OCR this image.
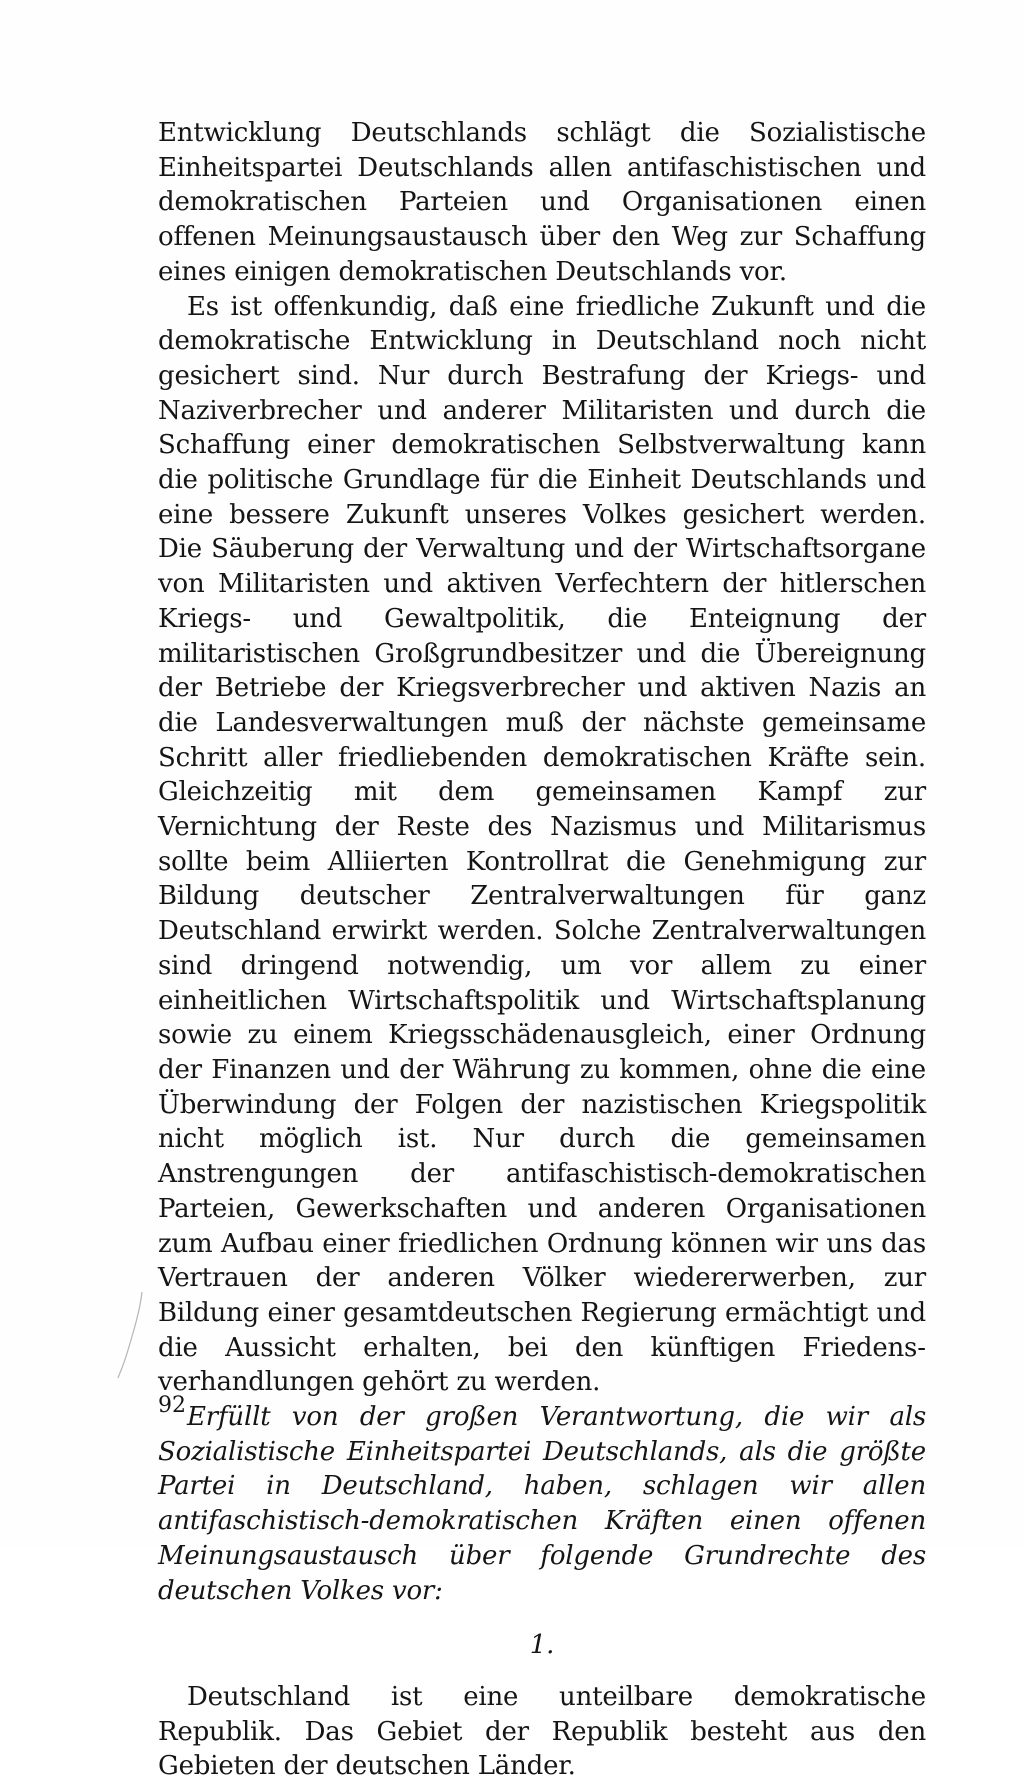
Entwicklung Deutschlands schlägt die Sozialistische Einheitspartei Deutschlands allen antifaschistischen und demokratischen Parteien und Organisationen einen offenen Meinungsaustausch über den Weg zur Schaffung eines einigen demokratischen Deutschlands vor.

Es ist offenkundig, daß eine friedliche Zukunft und die demokratische Entwicklung in Deutschland noch nicht gesichert sind. Nur durch Bestrafung der Kriegs- und Naziverbrecher und anderer Militaristen und durch die Schaffung einer demokratischen Selbstverwaltung kann die politische Grundlage für die Einheit Deutschlands und eine bessere Zukunft unseres Volkes gesichert werden. Die Säuberung der Verwaltung und der Wirtschaftsorgane von Militaristen und aktiven Verfechtern der hitlerschen Kriegs- und Gewaltpolitik, die Enteignung der militaristischen Großgrundbesitzer und die Übereignung der Betriebe der Kriegsverbrecher und aktiven Nazis an die Landesverwaltungen muß der nächste gemeinsame Schritt aller friedliebenden demokratischen Kräfte sein. Gleichzeitig mit dem gemeinsamen Kampf zur Vernichtung der Reste des Nazismus und Militarismus sollte beim Alliierten Kontrollrat die Genehmigung zur Bildung deutscher Zentralverwaltungen für ganz Deutschland erwirkt werden. Solche Zentralverwaltungen sind dringend notwendig, um vor allem zu einer einheitlichen Wirtschaftspolitik und Wirtschaftsplanung sowie zu einem Kriegsschädenausgleich, einer Ordnung der Finanzen und der Währung zu kommen, ohne die eine Überwindung der Folgen der nazistischen Kriegspolitik nicht möglich ist. Nur durch die gemeinsamen Anstrengungen der antifaschistisch-demokratischen Parteien, Gewerkschaften und anderen Organisationen zum Aufbau einer friedlichen Ordnung können wir uns das Vertrauen der anderen Völker wiedererwerben, zur Bildung einer gesamtdeutschen Regierung ermächtigt und die Aussicht erhalten, bei den künftigen Friedensverhandlungen gehört zu werden.

Erfüllt von der großen Verantwortung, die wir als Sozialistische Einheitspartei Deutschlands, als die größte Partei in Deutschland, haben, schlagen wir allen antifaschistisch-demokratischen Kräften einen offenen Meinungsaustausch über folgende Grundrechte des deutschen Volkes vor:

1.

Deutschland ist eine unteilbare demokratische Republik. Das Gebiet der Republik besteht aus den Gebieten der deutschen Länder.

92
